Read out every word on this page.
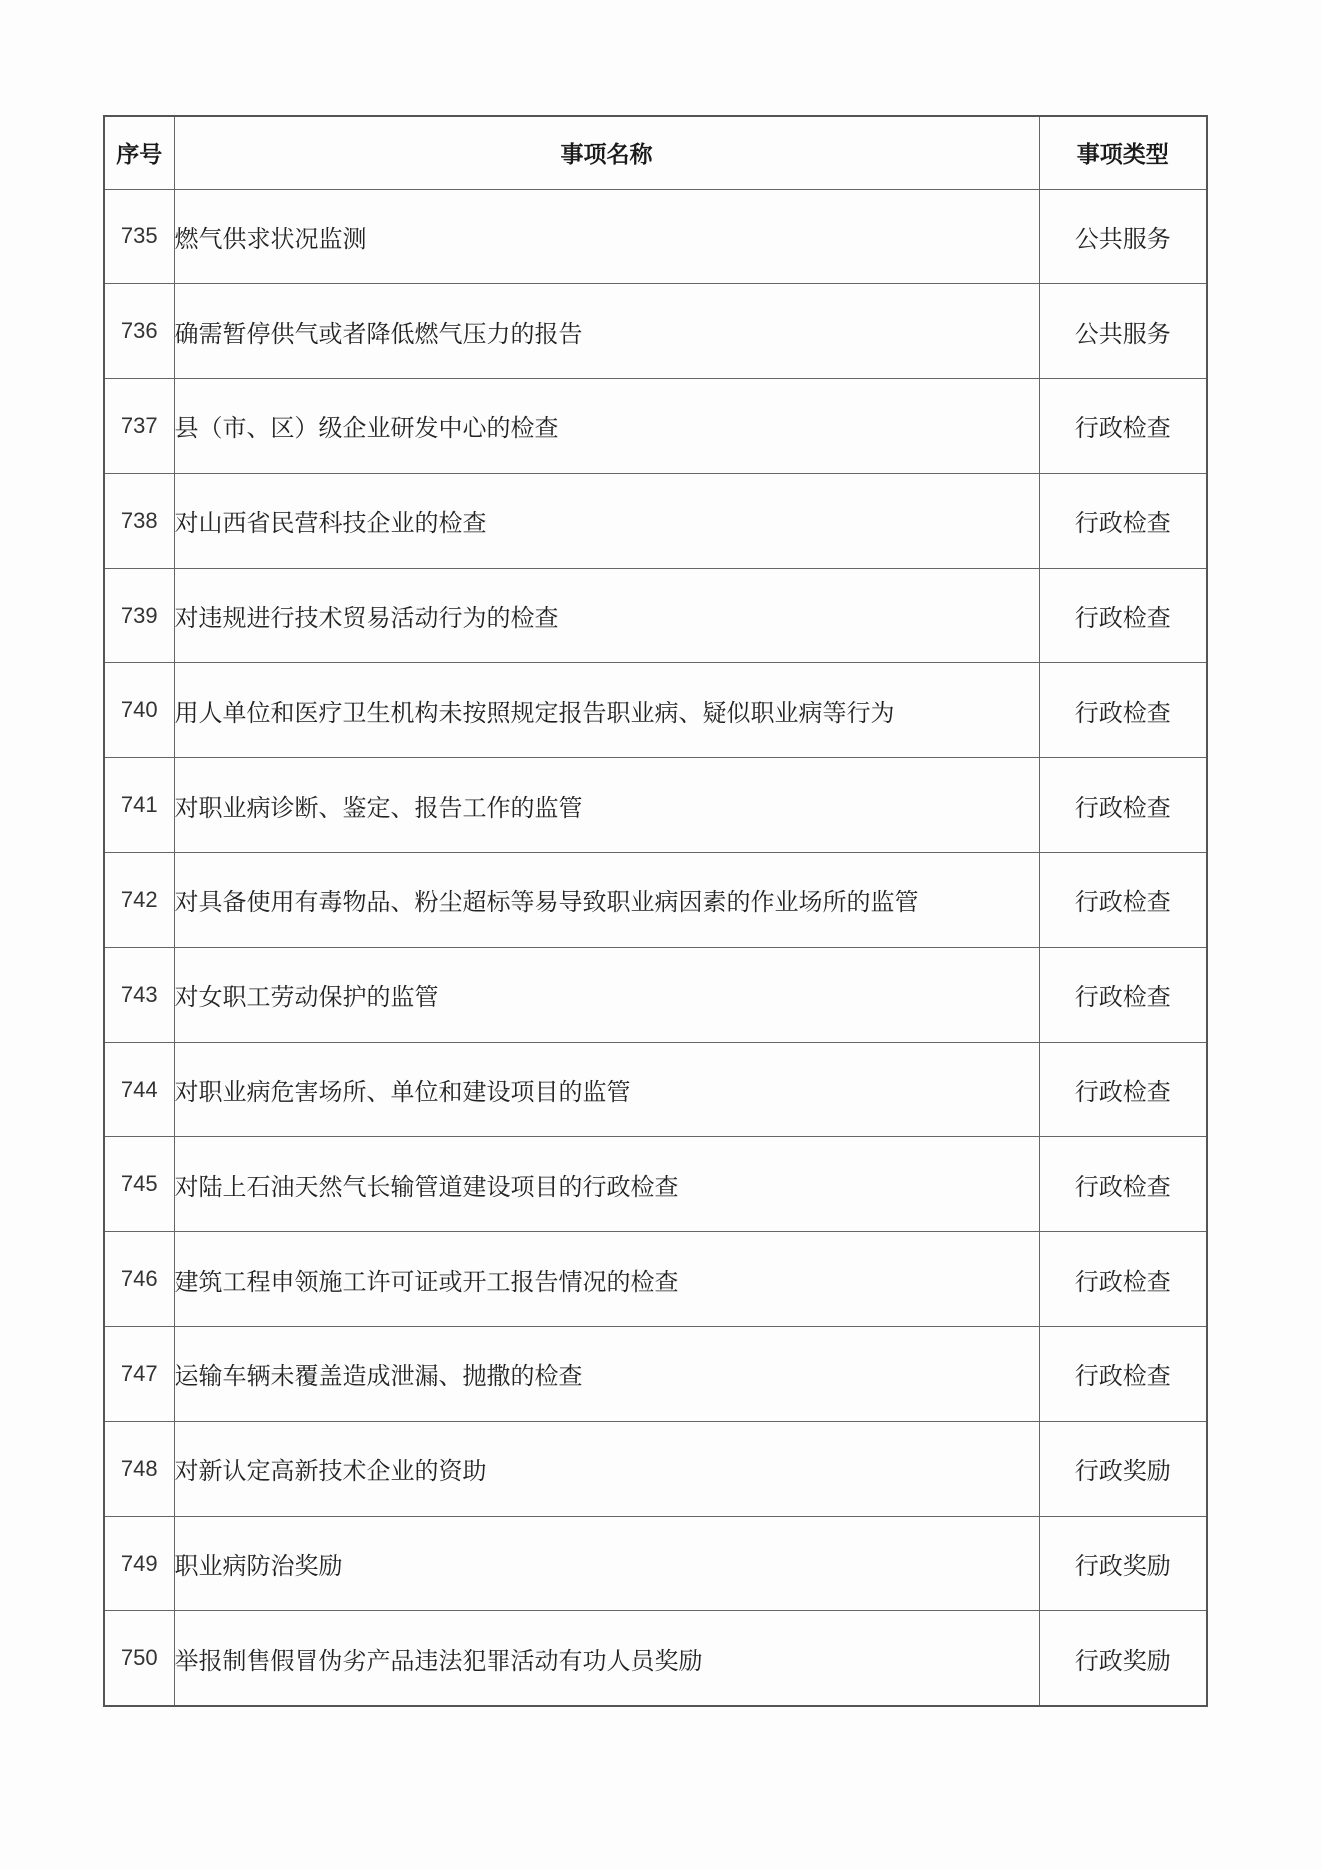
序号	事项名称	事项类型
735	燃气供求状况监测	公共服务
736	确需暂停供气或者降低燃气压力的报告	公共服务
737	县（市、区）级企业研发中心的检查	行政检查
738	对山西省民营科技企业的检查	行政检查
739	对违规进行技术贸易活动行为的检查	行政检查
740	用人单位和医疗卫生机构未按照规定报告职业病、疑似职业病等行为	行政检查
741	对职业病诊断、鉴定、报告工作的监管	行政检查
742	对具备使用有毒物品、粉尘超标等易导致职业病因素的作业场所的监管	行政检查
743	对女职工劳动保护的监管	行政检查
744	对职业病危害场所、单位和建设项目的监管	行政检查
745	对陆上石油天然气长输管道建设项目的行政检查	行政检查
746	建筑工程申领施工许可证或开工报告情况的检查	行政检查
747	运输车辆未覆盖造成泄漏、抛撒的检查	行政检查
748	对新认定高新技术企业的资助	行政奖励
749	职业病防治奖励	行政奖励
750	举报制售假冒伪劣产品违法犯罪活动有功人员奖励	行政奖励
